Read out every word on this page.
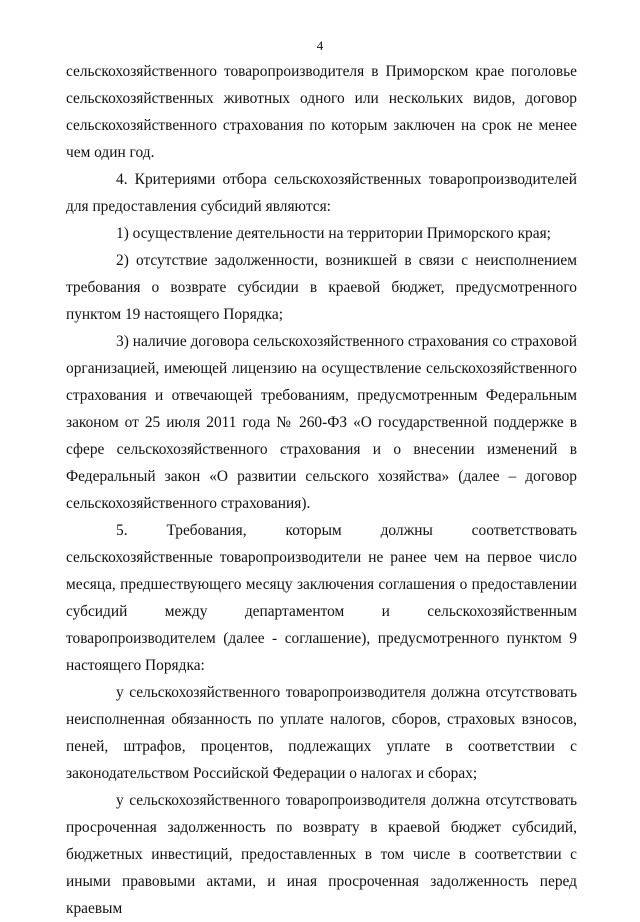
4

сельскохозяйственного товаропроизводителя в Приморском крае поголовье сельскохозяйственных животных одного или нескольких видов, договор сельскохозяйственного страхования по которым заключен на срок не менее чем один год.

4. Критериями отбора сельскохозяйственных товаропроизводителей для предоставления субсидий являются:

1) осуществление деятельности на территории Приморского края;

2) отсутствие задолженности, возникшей в связи с неисполнением требования о возврате субсидии в краевой бюджет, предусмотренного пунктом 19 настоящего Порядка;

3) наличие договора сельскохозяйственного страхования со страховой организацией, имеющей лицензию на осуществление сельскохозяйственного страхования и отвечающей требованиям, предусмотренным Федеральным законом от 25 июля 2011 года № 260-ФЗ «О государственной поддержке в сфере сельскохозяйственного страхования и о внесении изменений в Федеральный закон «О развитии сельского хозяйства» (далее – договор сельскохозяйственного страхования).

5. Требования, которым должны соответствовать сельскохозяйственные товаропроизводители не ранее чем на первое число месяца, предшествующего месяцу заключения соглашения о предоставлении субсидий между департаментом и сельскохозяйственным товаропроизводителем (далее - соглашение), предусмотренного пунктом 9 настоящего Порядка:

у сельскохозяйственного товаропроизводителя должна отсутствовать неисполненная обязанность по уплате налогов, сборов, страховых взносов, пеней, штрафов, процентов, подлежащих уплате в соответствии с законодательством Российской Федерации о налогах и сборах;

у сельскохозяйственного товаропроизводителя должна отсутствовать просроченная задолженность по возврату в краевой бюджет субсидий, бюджетных инвестиций, предоставленных в том числе в соответствии с иными правовыми актами, и иная просроченная задолженность перед краевым
